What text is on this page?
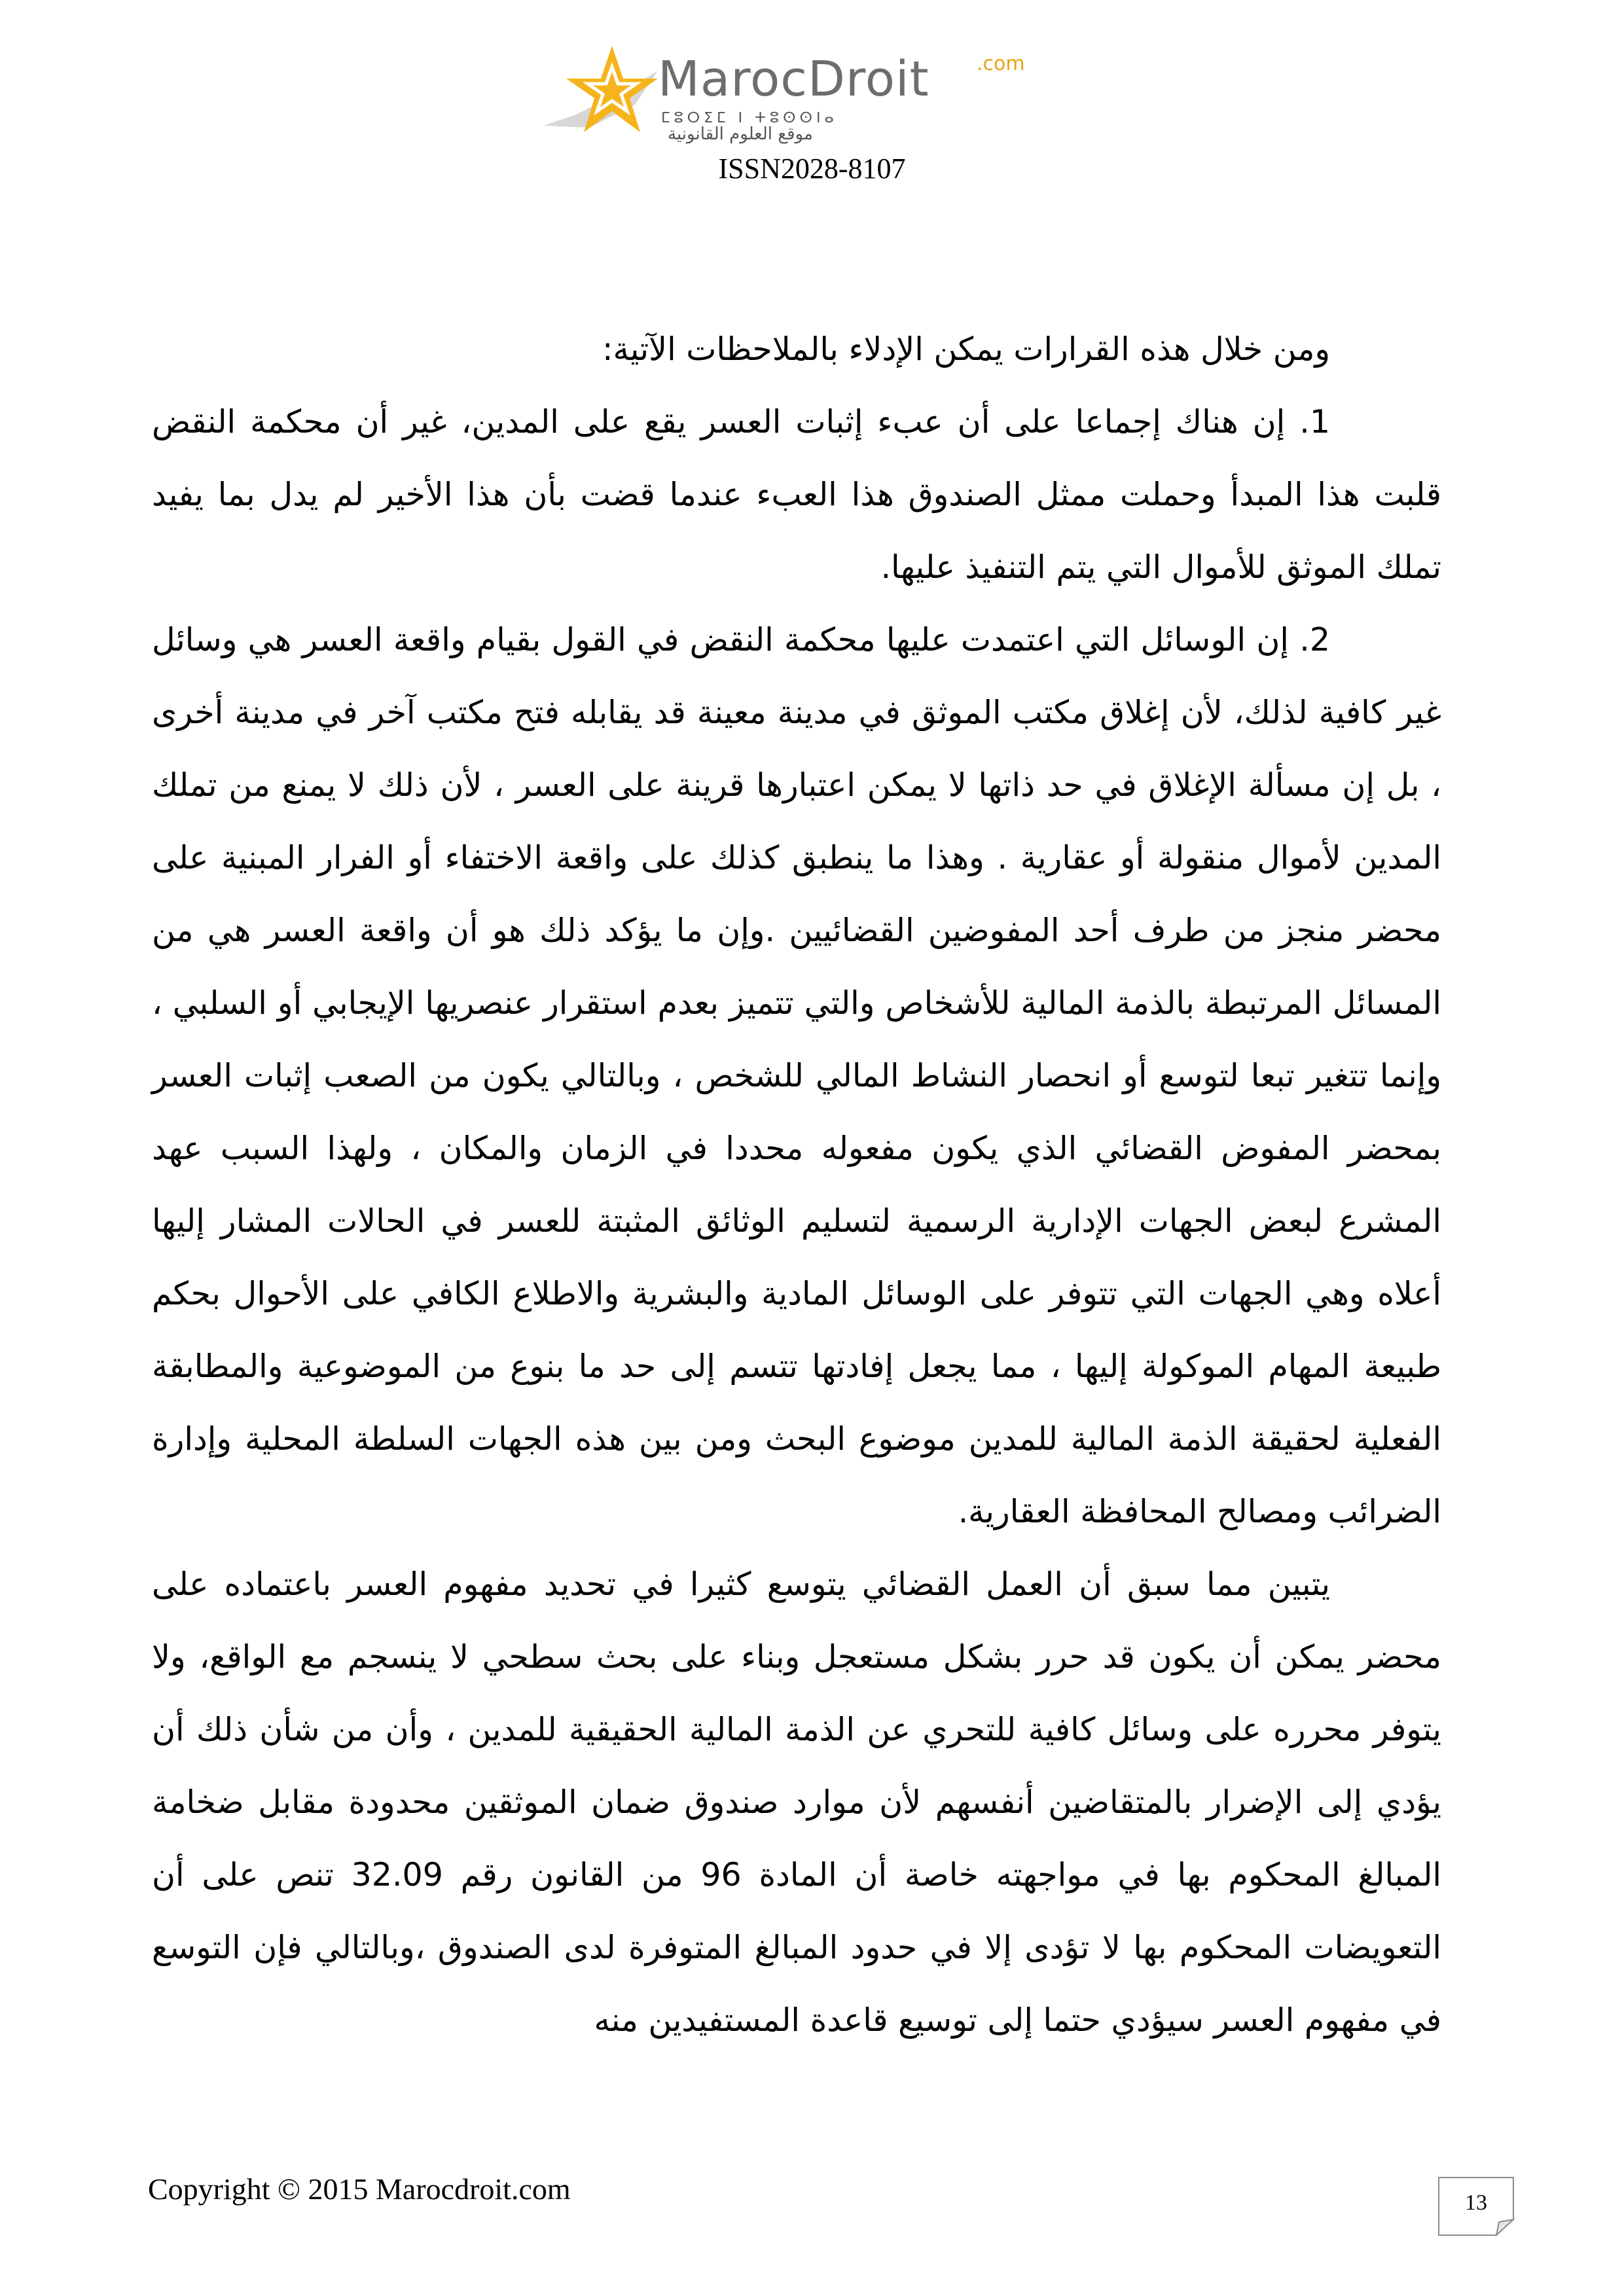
MarocDroit .com
ⵎⵓⵔⵉⵎ ⵏ ⵜⵓⵙⵙⵏⴰ
موقع العلوم القانونية
ISSN2028-8107

ومن خلال هذه القرارات يمكن الإدلاء بالملاحظات الآتية:

1. إن هناك إجماعا على أن عبء إثبات العسر يقع على المدين، غير أن محكمة النقض قلبت هذا المبدأ وحملت ممثل الصندوق هذا العبء عندما قضت بأن هذا الأخير لم يدل بما يفيد تملك الموثق للأموال التي يتم التنفيذ عليها.

2. إن الوسائل التي اعتمدت عليها محكمة النقض في القول بقيام واقعة العسر هي وسائل غير كافية لذلك، لأن إغلاق مكتب الموثق في مدينة معينة قد يقابله فتح مكتب آخر في مدينة أخرى ، بل إن مسألة الإغلاق في حد ذاتها لا يمكن اعتبارها قرينة على العسر ، لأن ذلك لا يمنع من تملك المدين لأموال منقولة أو عقارية . وهذا ما ينطبق كذلك على واقعة الاختفاء أو الفرار المبنية على محضر منجز من طرف أحد المفوضين القضائيين .وإن ما يؤكد ذلك هو أن واقعة العسر هي من المسائل المرتبطة بالذمة المالية للأشخاص والتي تتميز بعدم استقرار عنصريها الإيجابي أو السلبي ، وإنما تتغير تبعا لتوسع أو انحصار النشاط المالي للشخص ، وبالتالي يكون من الصعب إثبات العسر بمحضر المفوض القضائي الذي يكون مفعوله محددا في الزمان والمكان ، ولهذا السبب عهد المشرع لبعض الجهات الإدارية الرسمية لتسليم الوثائق المثبتة للعسر في الحالات المشار إليها أعلاه وهي الجهات التي تتوفر على الوسائل المادية والبشرية والاطلاع الكافي على الأحوال بحكم طبيعة المهام الموكولة إليها ، مما يجعل إفادتها تتسم إلى حد ما بنوع من الموضوعية والمطابقة الفعلية لحقيقة الذمة المالية للمدين موضوع البحث ومن بين هذه الجهات السلطة المحلية وإدارة الضرائب ومصالح المحافظة العقارية.

يتبين مما سبق أن العمل القضائي يتوسع كثيرا في تحديد مفهوم العسر باعتماده على محضر يمكن أن يكون قد حرر بشكل مستعجل وبناء على بحث سطحي لا ينسجم مع الواقع، ولا يتوفر محرره على وسائل كافية للتحري عن الذمة المالية الحقيقية للمدين ، وأن من شأن ذلك أن يؤدي إلى الإضرار بالمتقاضين أنفسهم لأن موارد صندوق ضمان الموثقين محدودة مقابل ضخامة المبالغ المحكوم بها في مواجهته خاصة أن المادة 96 من القانون رقم 32.09 تنص على أن التعويضات المحكوم بها لا تؤدى إلا في حدود المبالغ المتوفرة لدى الصندوق ،وبالتالي فإن التوسع في مفهوم العسر سيؤدي حتما إلى توسيع قاعدة المستفيدين منه

Copyright © 2015 Marocdroit.com	13
